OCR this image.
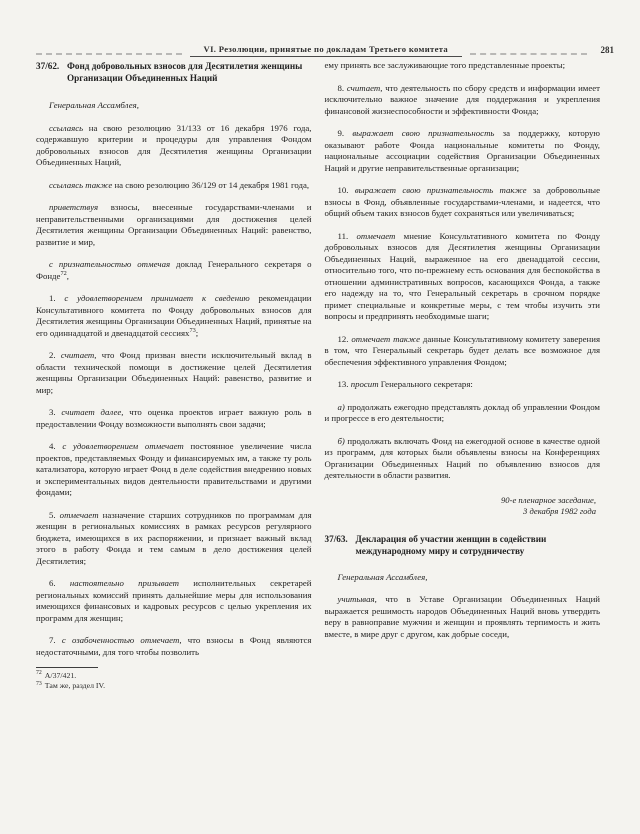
VI. Резолюции, принятые по докладам Третьего комитета	281
37/62. Фонд добровольных взносов для Десятилетия женщины Организации Объединенных Наций

Генеральная Ассамблея,

ссылаясь на свою резолюцию 31/133 от 16 декабря 1976 года, содержавшую критерии и процедуры для управления Фондом добровольных взносов для Десятилетия женщины Организации Объединенных Наций,

ссылаясь также на свою резолюцию 36/129 от 14 декабря 1981 года,

приветствуя взносы, внесенные государствами-членами и неправительственными организациями для достижения целей Десятилетия женщины Организации Объединенных Наций: равенство, развитие и мир,

с признательностью отмечая доклад Генерального секретаря о Фонде$^{72}$,

1. с удовлетворением принимает к сведению рекомендации Консультативного комитета по Фонду добровольных взносов для Десятилетия женщины Организации Объединенных Наций, принятые на его одиннадцатой и двенадцатой сессиях$^{73}$;

2. считает, что Фонд призван внести исключительный вклад в области технической помощи в достижение целей Десятилетия женщины Организации Объединенных Наций: равенство, развитие и мир;

3. считает далее, что оценка проектов играет важную роль в предоставлении Фонду возможности выполнять свои задачи;

4. с удовлетворением отмечает постоянное увеличение числа проектов, представляемых Фонду и финансируемых им, а также ту роль катализатора, которую играет Фонд в деле содействия внедрению новых и экспериментальных видов деятельности правительствами и другими фондами;

5. отмечает назначение старших сотрудников по программам для женщин в региональных комиссиях в рамках ресурсов регулярного бюджета, имеющихся в их распоряжении, и признает важный вклад этого в работу Фонда и тем самым в дело достижения целей Десятилетия;

6. настоятельно призывает исполнительных секретарей региональных комиссий принять дальнейшие меры для использования имеющихся финансовых и кадровых ресурсов с целью укрепления их программ для женщин;

7. с озабоченностью отмечает, что взносы в Фонд являются недостаточными, для того чтобы позволить

$^{72}$ A/37/421.

$^{73}$ Там же, раздел IV.

ему принять все заслуживающие того представленные проекты;

8. считает, что деятельность по сбору средств и информации имеет исключительно важное значение для поддержания и укрепления финансовой жизнеспособности и эффективности Фонда;

9. выражает свою признательность за поддержку, которую оказывают работе Фонда национальные комитеты по Фонду, национальные ассоциации содействия Организации Объединенных Наций и другие неправительственные организации;

10. выражает свою признательность также за добровольные взносы в Фонд, объявленные государствами-членами, и надеется, что общий объем таких взносов будет сохраняться или увеличиваться;

11. отмечает мнение Консультативного комитета по Фонду добровольных взносов для Десятилетия женщины Организации Объединенных Наций, выраженное на его двенадцатой сессии, относительно того, что по-прежнему есть основания для беспокойства в отношении административных вопросов, касающихся Фонда, а также его надежду на то, что Генеральный секретарь в срочном порядке примет специальные и конкретные меры, с тем чтобы изучить эти вопросы и предпринять необходимые шаги;

12. отмечает также данные Консультативному комитету заверения в том, что Генеральный секретарь будет делать все возможное для обеспечения эффективного управления Фондом;

13. просит Генерального секретаря:

а) продолжать ежегодно представлять доклад об управлении Фондом и прогрессе в его деятельности;

б) продолжать включать Фонд на ежегодной основе в качестве одной из программ, для которых были объявлены взносы на Конференциях Организации Объединенных Наций по объявлению взносов для деятельности в области развития.

90-е пленарное заседание,
3 декабря 1982 года
37/63. Декларация об участии женщин в содействии международному миру и сотрудничеству

Генеральная Ассамблея,

учитывая, что в Уставе Организации Объединенных Наций выражается решимость народов Объединенных Наций вновь утвердить веру в равноправие мужчин и женщин и проявлять терпимость и жить вместе, в мире друг с другом, как добрые соседи,
